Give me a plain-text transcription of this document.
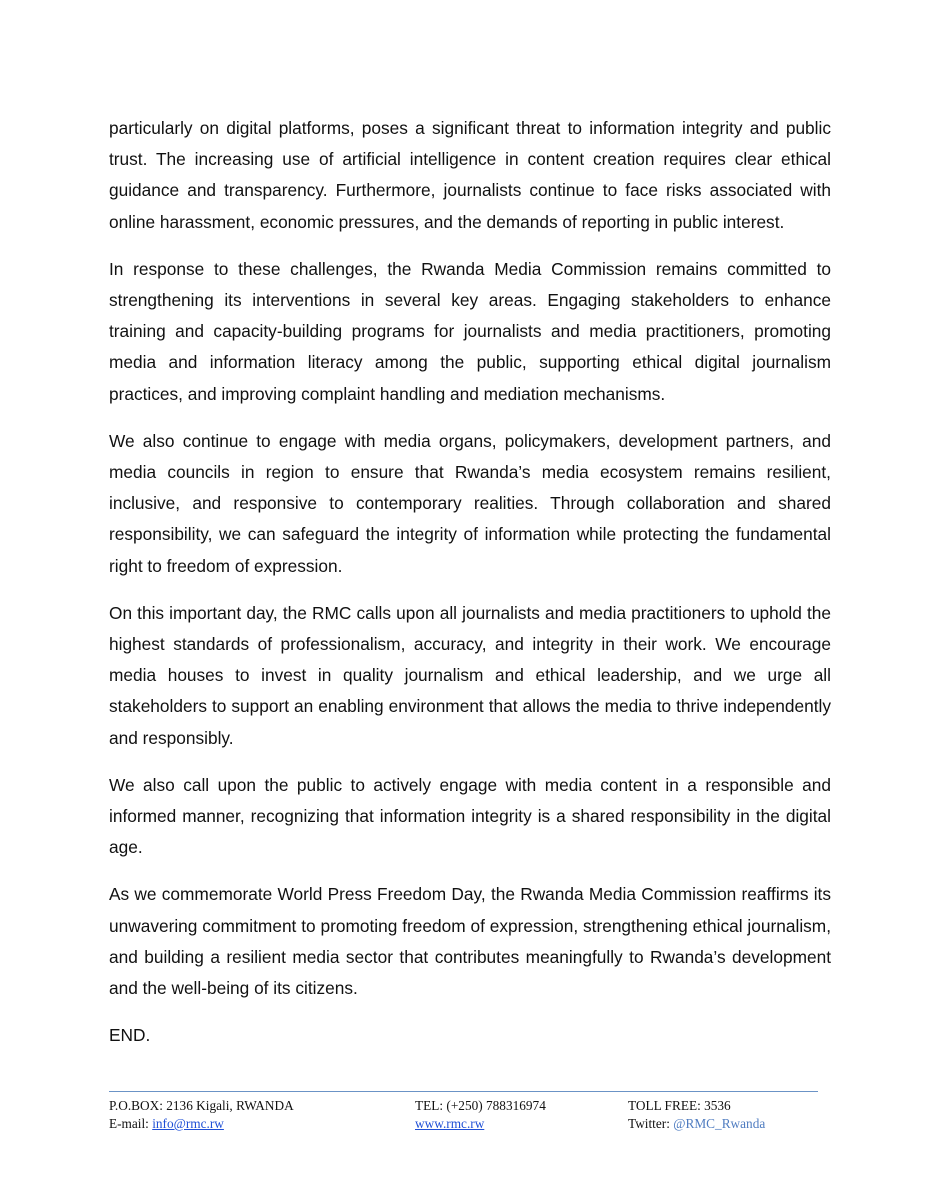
particularly on digital platforms, poses a significant threat to information integrity and public trust. The increasing use of artificial intelligence in content creation requires clear ethical guidance and transparency. Furthermore, journalists continue to face risks associated with online harassment, economic pressures, and the demands of reporting in public interest.

In response to these challenges, the Rwanda Media Commission remains committed to strengthening its interventions in several key areas. Engaging stakeholders to enhance training and capacity-building programs for journalists and media practitioners, promoting media and information literacy among the public, supporting ethical digital journalism practices, and improving complaint handling and mediation mechanisms.

We also continue to engage with media organs, policymakers, development partners, and media councils in region to ensure that Rwanda’s media ecosystem remains resilient, inclusive, and responsive to contemporary realities. Through collaboration and shared responsibility, we can safeguard the integrity of information while protecting the fundamental right to freedom of expression.

On this important day, the RMC calls upon all journalists and media practitioners to uphold the highest standards of professionalism, accuracy, and integrity in their work. We encourage media houses to invest in quality journalism and ethical leadership, and we urge all stakeholders to support an enabling environment that allows the media to thrive independently and responsibly.

We also call upon the public to actively engage with media content in a responsible and informed manner, recognizing that information integrity is a shared responsibility in the digital age.

As we commemorate World Press Freedom Day, the Rwanda Media Commission reaffirms its unwavering commitment to promoting freedom of expression, strengthening ethical journalism, and building a resilient media sector that contributes meaningfully to Rwanda’s development and the well-being of its citizens.

END.

P.O.BOX: 2136 Kigali, RWANDA	TEL: (+250) 788316974	TOLL FREE: 3536
E-mail: info@rmc.rw	www.rmc.rw	Twitter: @RMC_Rwanda
